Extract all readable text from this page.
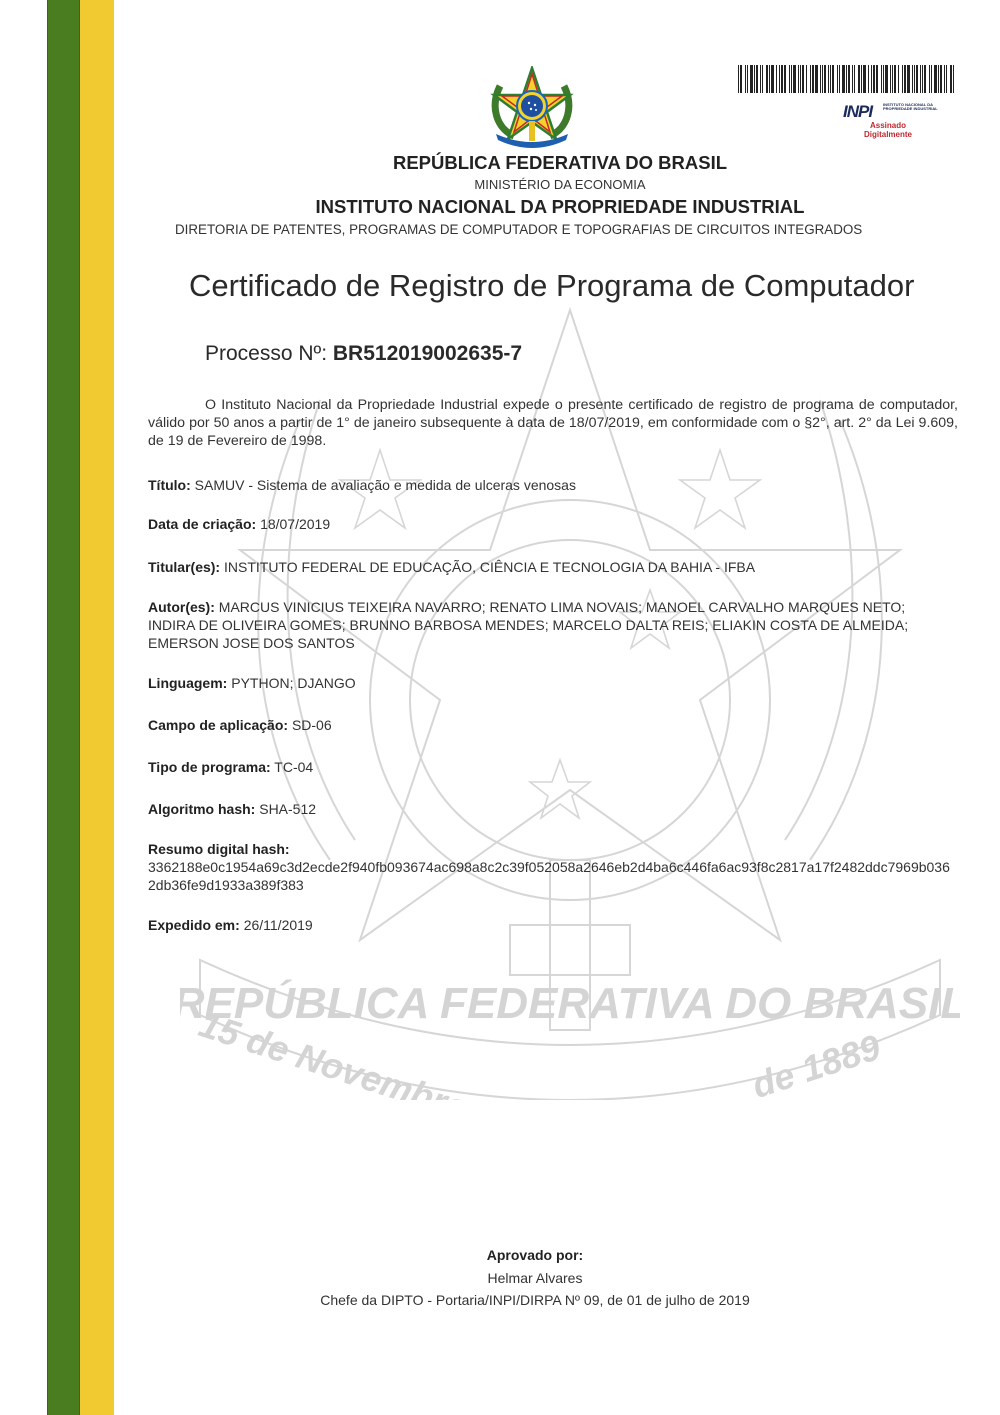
REPÚBLICA FEDERATIVA DO BRASIL
15 de Novembro	de 1889
INPI	INSTITUTO NACIONAL DA PROPRIEDADE INDUSTRIAL
Assinado
Digitalmente
REPÚBLICA FEDERATIVA DO BRASIL
MINISTÉRIO DA ECONOMIA
INSTITUTO NACIONAL DA PROPRIEDADE INDUSTRIAL
DIRETORIA DE PATENTES, PROGRAMAS DE COMPUTADOR E TOPOGRAFIAS DE CIRCUITOS INTEGRADOS
Certificado de Registro de Programa de Computador
Processo Nº: BR512019002635-7
O Instituto Nacional da Propriedade Industrial expede o presente certificado de registro de programa de computador, válido por 50 anos a partir de 1° de janeiro subsequente à data de 18/07/2019, em conformidade com o §2°, art. 2° da Lei 9.609, de 19 de Fevereiro de 1998.
Título: SAMUV - Sistema de avaliação e medida de ulceras venosas
Data de criação: 18/07/2019
Titular(es): INSTITUTO FEDERAL DE EDUCAÇÃO, CIÊNCIA E TECNOLOGIA DA BAHIA - IFBA
Autor(es): MARCUS VINICIUS TEIXEIRA NAVARRO; RENATO LIMA NOVAIS; MANOEL CARVALHO MARQUES NETO; INDIRA DE OLIVEIRA GOMES; BRUNNO BARBOSA MENDES; MARCELO DALTA REIS; ELIAKIN COSTA DE ALMEIDA; EMERSON JOSE DOS SANTOS
Linguagem: PYTHON; DJANGO
Campo de aplicação: SD-06
Tipo de programa: TC-04
Algoritmo hash: SHA-512
Resumo digital hash:
3362188e0c1954a69c3d2ecde2f940fb093674ac698a8c2c39f052058a2646eb2d4ba6c446fa6ac93f8c2817a17f2482ddc7969b0362db36fe9d1933a389f383
Expedido em: 26/11/2019
Aprovado por:
Helmar Alvares
Chefe da DIPTO - Portaria/INPI/DIRPA Nº 09, de 01 de julho de 2019
